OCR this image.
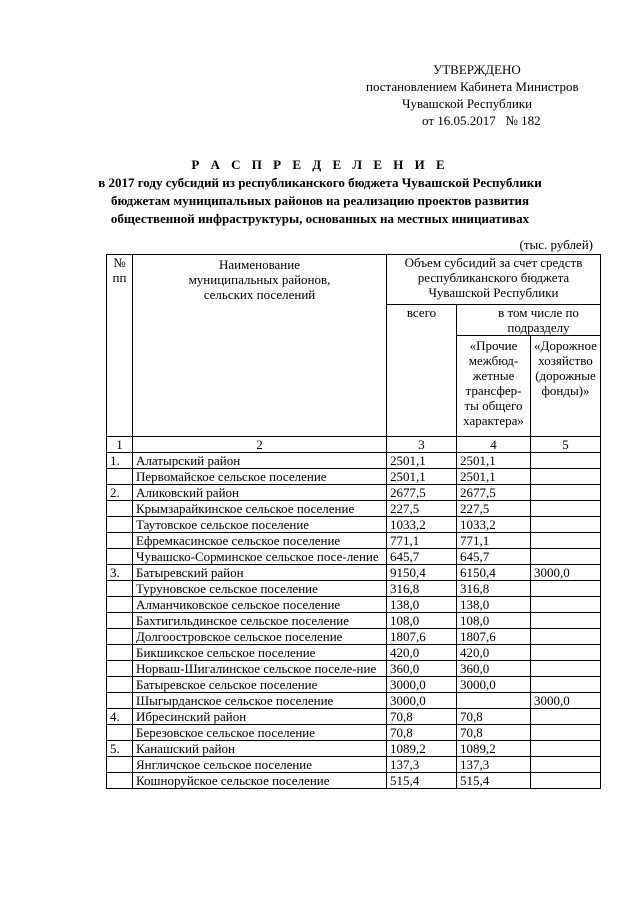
УТВЕРЖДЕНО
постановлением Кабинета Министров
Чувашской Республики
от 16.05.2017   № 182
Р А С П Р Е Д Е Л Е Н И Е
в 2017 году субсидий из республиканского бюджета Чувашской Республики
бюджетам муниципальных районов на реализацию проектов развития
общественной инфраструктуры, основанных на местных инициативах
(тыс. рублей)
№ пп	Наименование муниципальных районов, сельских поселений	Объем субсидий за счет средств республиканского бюджета Чувашской Республики		
		всего	в том числе по подразделу	
			«Прочие межбюд-жетные трансфер-ты общего характера»	«Дорожное хозяйство (дорожные фонды)»
1	2	3	4	5
1.	Алатырский район	2501,1	2501,1	
	Первомайское сельское поселение	2501,1	2501,1	
2.	Аликовский район	2677,5	2677,5	
	Крымзарайкинское сельское поселение	227,5	227,5	
	Таутовское сельское поселение	1033,2	1033,2	
	Ефремкасинское сельское поселение	771,1	771,1	
	Чувашско-Сорминское сельское посе-ление	645,7	645,7	
3.	Батыревский район	9150,4	6150,4	3000,0
	Туруновское сельское поселение	316,8	316,8	
	Алманчиковское сельское поселение	138,0	138,0	
	Бахтигильдинское сельское поселение	108,0	108,0	
	Долгоостровское сельское поселение	1807,6	1807,6	
	Бикшикское сельское поселение	420,0	420,0	
	Норваш-Шигалинское сельское поселе-ние	360,0	360,0	
	Батыревское сельское поселение	3000,0	3000,0	
	Шыгырданское сельское поселение	3000,0		3000,0
4.	Ибресинский район	70,8	70,8	
	Березовское сельское поселение	70,8	70,8	
5.	Канашский район	1089,2	1089,2	
	Янгличское сельское поселение	137,3	137,3	
	Кошноруйское сельское поселение	515,4	515,4	
